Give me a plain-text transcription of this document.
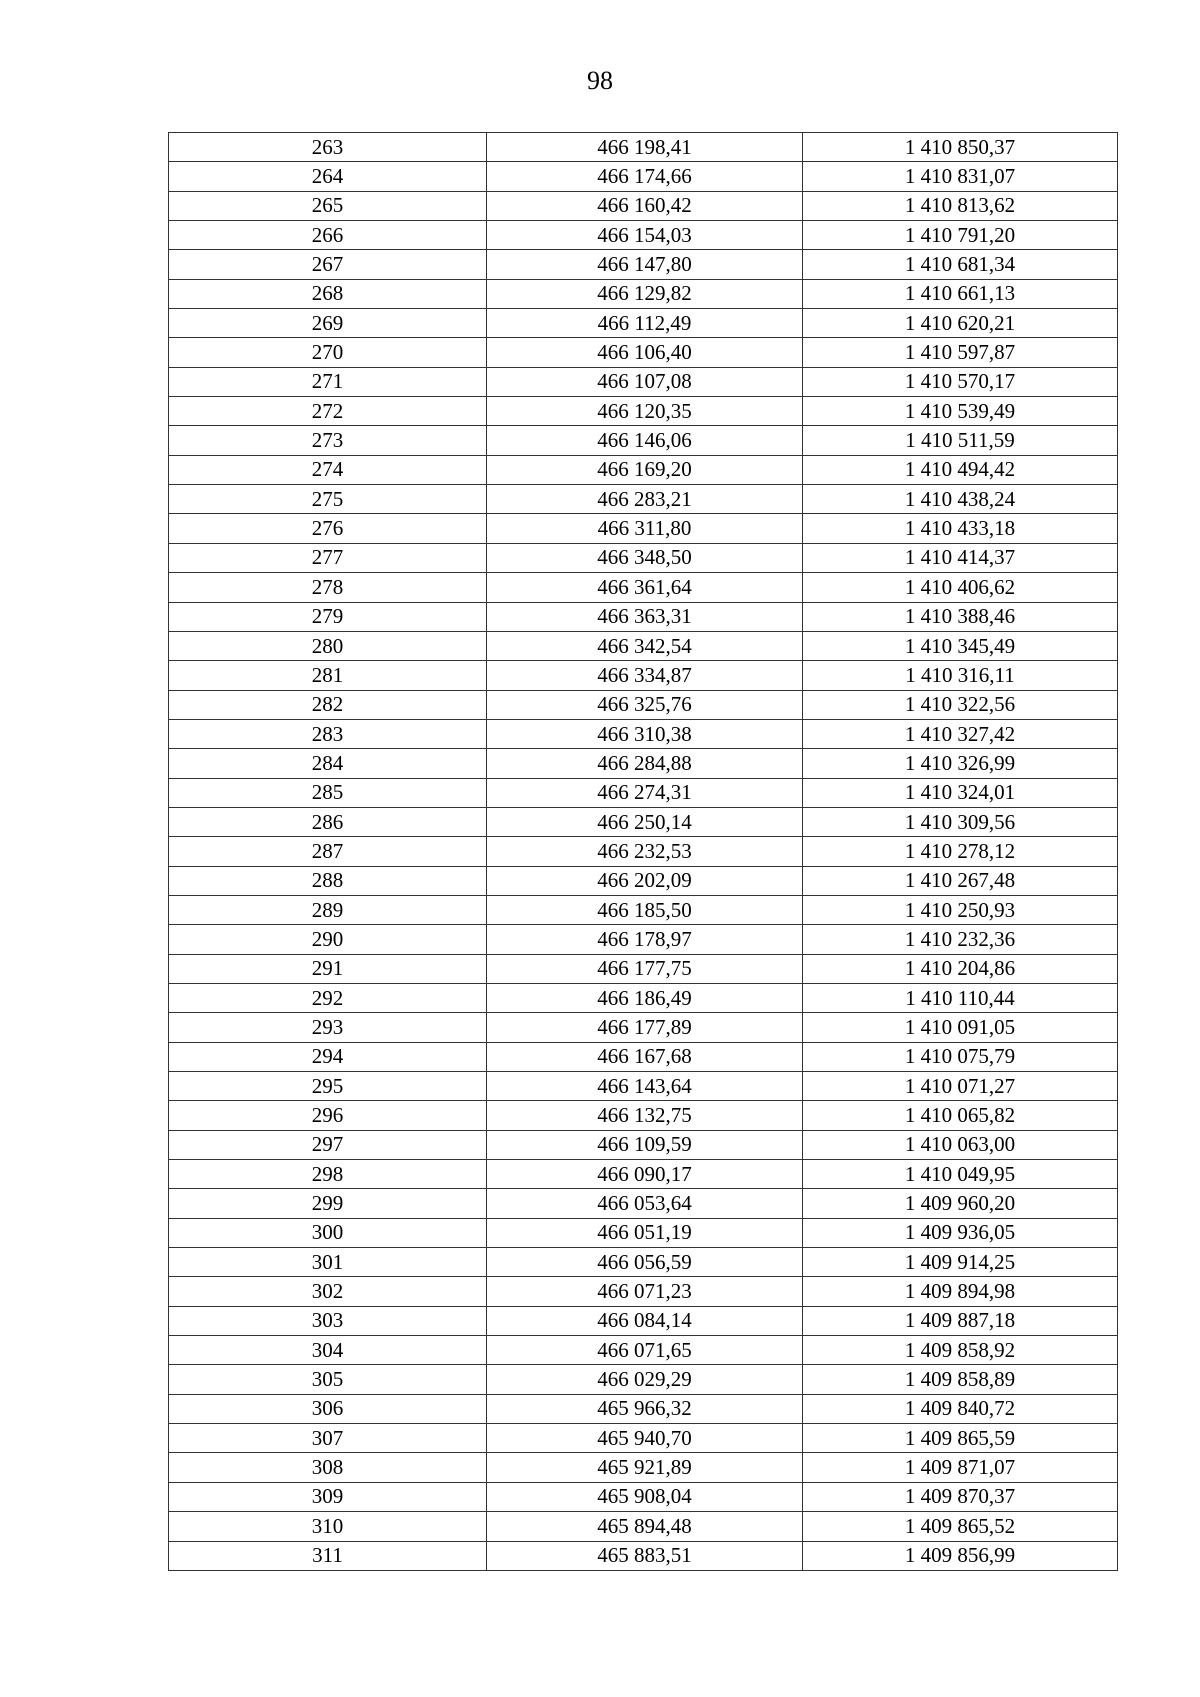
98
263	466 198,41	1 410 850,37
264	466 174,66	1 410 831,07
265	466 160,42	1 410 813,62
266	466 154,03	1 410 791,20
267	466 147,80	1 410 681,34
268	466 129,82	1 410 661,13
269	466 112,49	1 410 620,21
270	466 106,40	1 410 597,87
271	466 107,08	1 410 570,17
272	466 120,35	1 410 539,49
273	466 146,06	1 410 511,59
274	466 169,20	1 410 494,42
275	466 283,21	1 410 438,24
276	466 311,80	1 410 433,18
277	466 348,50	1 410 414,37
278	466 361,64	1 410 406,62
279	466 363,31	1 410 388,46
280	466 342,54	1 410 345,49
281	466 334,87	1 410 316,11
282	466 325,76	1 410 322,56
283	466 310,38	1 410 327,42
284	466 284,88	1 410 326,99
285	466 274,31	1 410 324,01
286	466 250,14	1 410 309,56
287	466 232,53	1 410 278,12
288	466 202,09	1 410 267,48
289	466 185,50	1 410 250,93
290	466 178,97	1 410 232,36
291	466 177,75	1 410 204,86
292	466 186,49	1 410 110,44
293	466 177,89	1 410 091,05
294	466 167,68	1 410 075,79
295	466 143,64	1 410 071,27
296	466 132,75	1 410 065,82
297	466 109,59	1 410 063,00
298	466 090,17	1 410 049,95
299	466 053,64	1 409 960,20
300	466 051,19	1 409 936,05
301	466 056,59	1 409 914,25
302	466 071,23	1 409 894,98
303	466 084,14	1 409 887,18
304	466 071,65	1 409 858,92
305	466 029,29	1 409 858,89
306	465 966,32	1 409 840,72
307	465 940,70	1 409 865,59
308	465 921,89	1 409 871,07
309	465 908,04	1 409 870,37
310	465 894,48	1 409 865,52
311	465 883,51	1 409 856,99
